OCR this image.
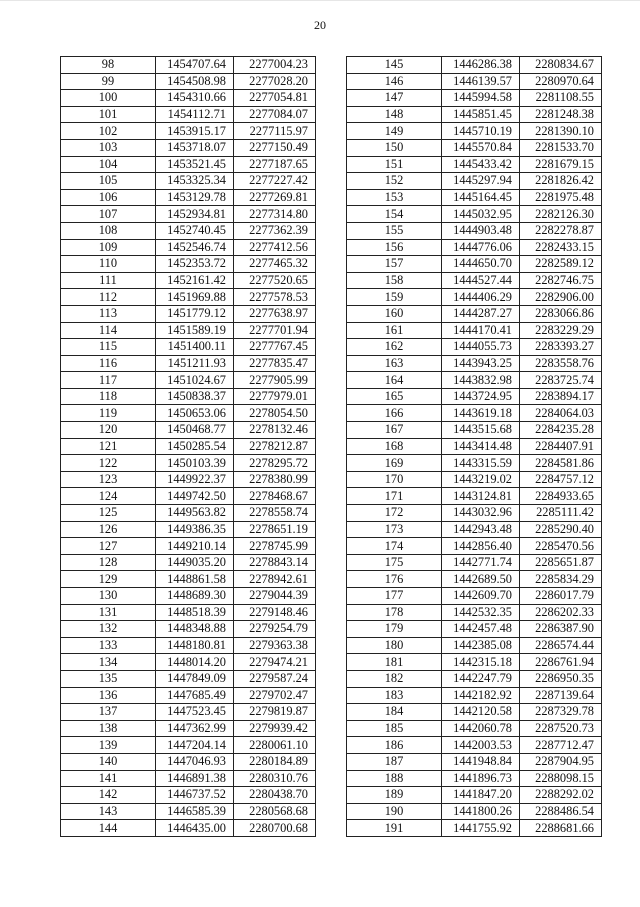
20
98	1454707.64	2277004.23
99	1454508.98	2277028.20
100	1454310.66	2277054.81
101	1454112.71	2277084.07
102	1453915.17	2277115.97
103	1453718.07	2277150.49
104	1453521.45	2277187.65
105	1453325.34	2277227.42
106	1453129.78	2277269.81
107	1452934.81	2277314.80
108	1452740.45	2277362.39
109	1452546.74	2277412.56
110	1452353.72	2277465.32
111	1452161.42	2277520.65
112	1451969.88	2277578.53
113	1451779.12	2277638.97
114	1451589.19	2277701.94
115	1451400.11	2277767.45
116	1451211.93	2277835.47
117	1451024.67	2277905.99
118	1450838.37	2277979.01
119	1450653.06	2278054.50
120	1450468.77	2278132.46
121	1450285.54	2278212.87
122	1450103.39	2278295.72
123	1449922.37	2278380.99
124	1449742.50	2278468.67
125	1449563.82	2278558.74
126	1449386.35	2278651.19
127	1449210.14	2278745.99
128	1449035.20	2278843.14
129	1448861.58	2278942.61
130	1448689.30	2279044.39
131	1448518.39	2279148.46
132	1448348.88	2279254.79
133	1448180.81	2279363.38
134	1448014.20	2279474.21
135	1447849.09	2279587.24
136	1447685.49	2279702.47
137	1447523.45	2279819.87
138	1447362.99	2279939.42
139	1447204.14	2280061.10
140	1447046.93	2280184.89
141	1446891.38	2280310.76
142	1446737.52	2280438.70
143	1446585.39	2280568.68
144	1446435.00	2280700.68
145	1446286.38	2280834.67
146	1446139.57	2280970.64
147	1445994.58	2281108.55
148	1445851.45	2281248.38
149	1445710.19	2281390.10
150	1445570.84	2281533.70
151	1445433.42	2281679.15
152	1445297.94	2281826.42
153	1445164.45	2281975.48
154	1445032.95	2282126.30
155	1444903.48	2282278.87
156	1444776.06	2282433.15
157	1444650.70	2282589.12
158	1444527.44	2282746.75
159	1444406.29	2282906.00
160	1444287.27	2283066.86
161	1444170.41	2283229.29
162	1444055.73	2283393.27
163	1443943.25	2283558.76
164	1443832.98	2283725.74
165	1443724.95	2283894.17
166	1443619.18	2284064.03
167	1443515.68	2284235.28
168	1443414.48	2284407.91
169	1443315.59	2284581.86
170	1443219.02	2284757.12
171	1443124.81	2284933.65
172	1443032.96	2285111.42
173	1442943.48	2285290.40
174	1442856.40	2285470.56
175	1442771.74	2285651.87
176	1442689.50	2285834.29
177	1442609.70	2286017.79
178	1442532.35	2286202.33
179	1442457.48	2286387.90
180	1442385.08	2286574.44
181	1442315.18	2286761.94
182	1442247.79	2286950.35
183	1442182.92	2287139.64
184	1442120.58	2287329.78
185	1442060.78	2287520.73
186	1442003.53	2287712.47
187	1441948.84	2287904.95
188	1441896.73	2288098.15
189	1441847.20	2288292.02
190	1441800.26	2288486.54
191	1441755.92	2288681.66
